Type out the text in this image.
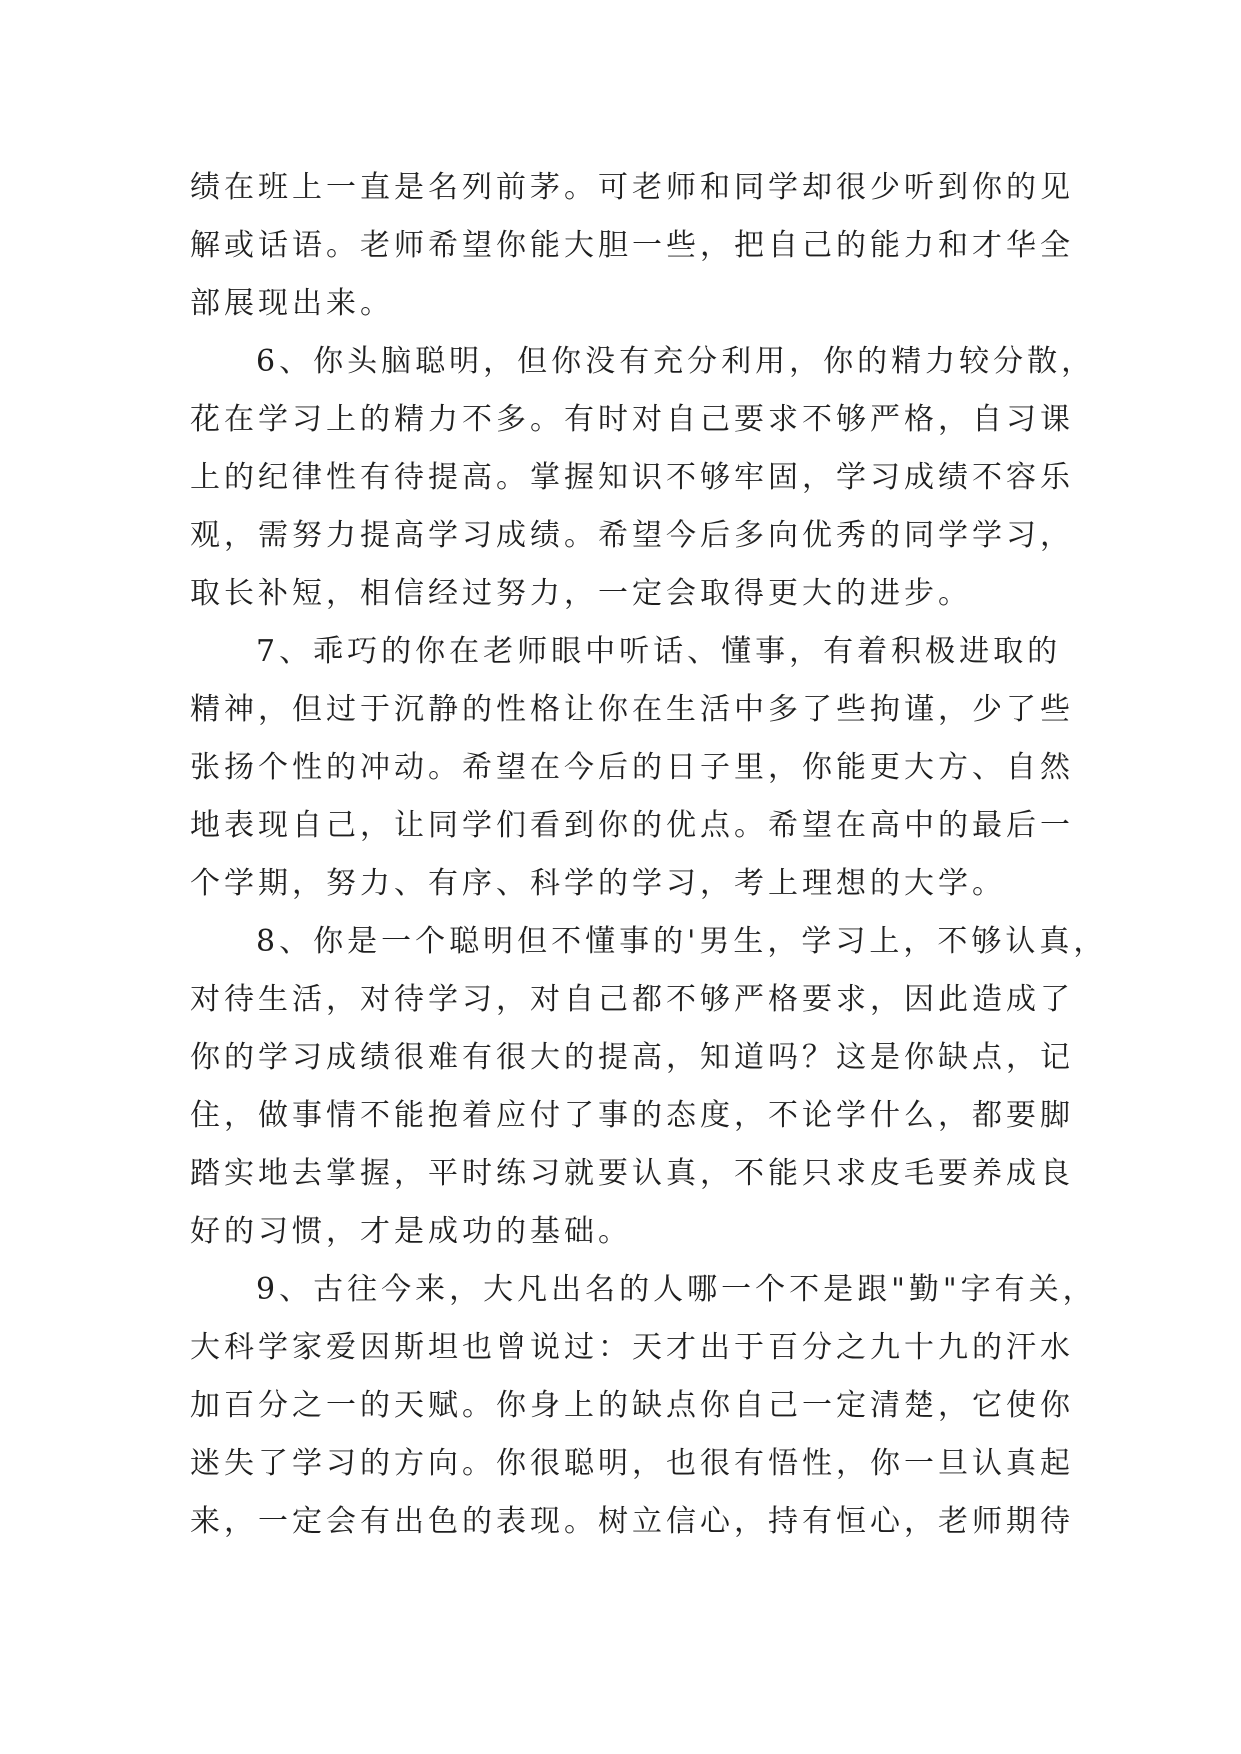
绩在班上一直是名列前茅。可老师和同学却很少听到你的见
解或话语。老师希望你能大胆一些，把自己的能力和才华全
部展现出来。
6、你头脑聪明，但你没有充分利用，你的精力较分散，
花在学习上的精力不多。有时对自己要求不够严格，自习课
上的纪律性有待提高。掌握知识不够牢固，学习成绩不容乐
观，需努力提高学习成绩。希望今后多向优秀的同学学习，
取长补短，相信经过努力，一定会取得更大的进步。
7、乖巧的你在老师眼中听话、懂事，有着积极进取的
精神，但过于沉静的性格让你在生活中多了些拘谨，少了些
张扬个性的冲动。希望在今后的日子里，你能更大方、自然
地表现自己，让同学们看到你的优点。希望在高中的最后一
个学期，努力、有序、科学的学习，考上理想的大学。
8、你是一个聪明但不懂事的'男生，学习上，不够认真，
对待生活，对待学习，对自己都不够严格要求，因此造成了
你的学习成绩很难有很大的提高，知道吗？这是你缺点，记
住，做事情不能抱着应付了事的态度，不论学什么，都要脚
踏实地去掌握，平时练习就要认真，不能只求皮毛要养成良
好的习惯，才是成功的基础。
9、古往今来，大凡出名的人哪一个不是跟"勤"字有关，
大科学家爱因斯坦也曾说过：天才出于百分之九十九的汗水
加百分之一的天赋。你身上的缺点你自己一定清楚，它使你
迷失了学习的方向。你很聪明，也很有悟性，你一旦认真起
来，一定会有出色的表现。树立信心，持有恒心，老师期待
